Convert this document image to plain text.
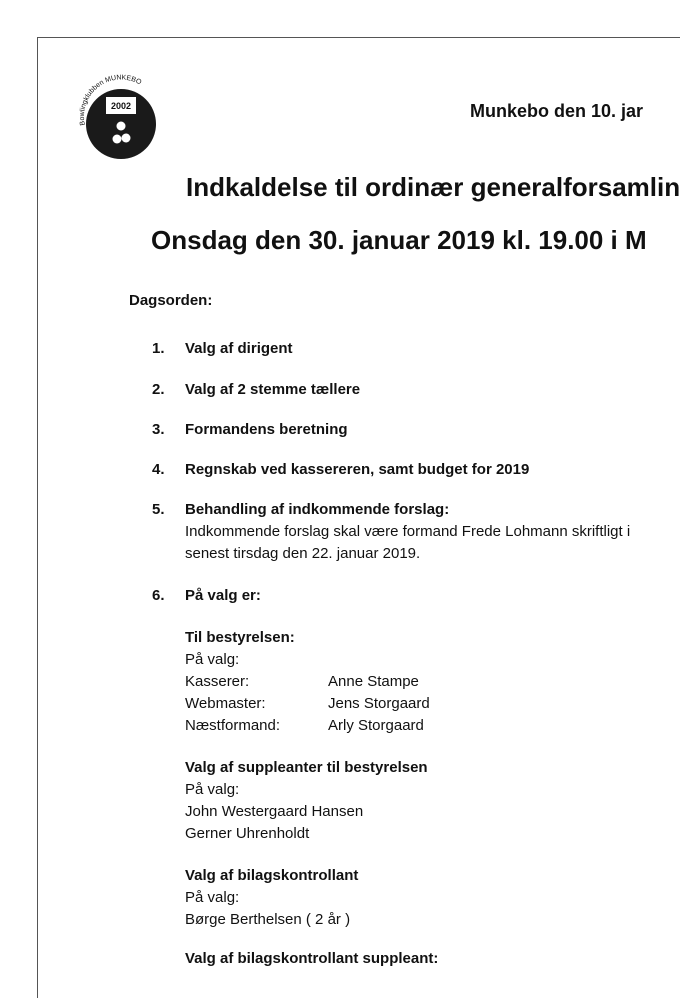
2002
Bowlingklubben MUNKEBO
Munkebo den 10. jar
Indkaldelse til ordinær generalforsamlin
Onsdag den 30. januar 2019 kl. 19.00 i M
Dagsorden:
1. Valg af dirigent
2. Valg af 2 stemme tællere
3. Formandens beretning
4. Regnskab ved kassereren, samt budget for 2019
5. Behandling af indkommende forslag:
Indkommende forslag skal være formand Frede Lohmann skriftligt i
senest tirsdag den 22. januar 2019.
6. På valg er:
Til bestyrelsen:
På valg:
Kasserer:	Anne Stampe
Webmaster:	Jens Storgaard
Næstformand:	Arly Storgaard
Valg af suppleanter til bestyrelsen
På valg:
John Westergaard Hansen
Gerner Uhrenholdt
Valg af bilagskontrollant
På valg:
Børge Berthelsen ( 2 år )
Valg af bilagskontrollant suppleant:
